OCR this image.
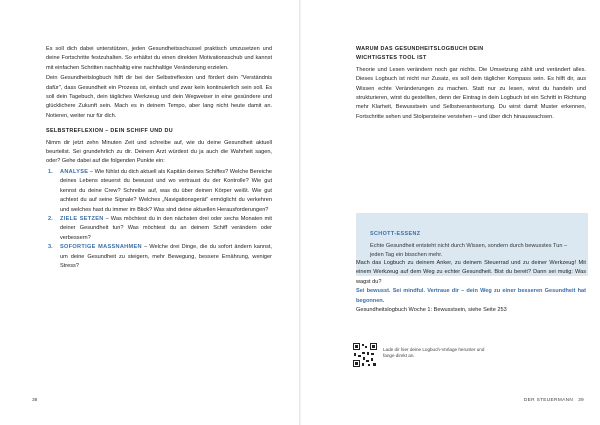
Es soll dich dabei unterstützen, jeden Gesundheitsschussel praktisch umzusetzen und deine Fortschritte festzuhalten. So erhältst du einen direkten Motivationsschub und kannst mit einfachen Schritten nachhaltig eine nachhaltige Veränderung erzielen.

Dein Gesundheitslogbuch hilft dir bei der Selbstreflexion und fördert dein "Verständnis dafür", dass Gesundheit ein Prozess ist, einfach und zwar kein kontinuierlich sein soll. Es soll dein Tagebuch, dein tägliches Werkzeug und dein Wegweiser in eine gesündere und glücklichere Zukunft sein. Mach es in deinem Tempo, aber lang nicht heute damit an. Notieren, weiter nur für dich.

SELBSTREFLEXION – DEIN SCHIFF UND DU

Nimm dir jetzt zehn Minuten Zeit und schreibe auf, wie du deine Gesundheit aktuell beurteilst. Sei grundehrlich zu dir. Deinem Arzt würdest du ja auch die Wahrheit sagen, oder? Gehe dabei auf die folgenden Punkte ein:

1. ANALYSE – Wie fühlst du dich aktuell als Kapitän deines Schiffes? Welche Bereiche deines Lebens steuerst du bewusst und wo vertraust du der Kontrolle? Wie gut kennst du deine Crew? Schreibe auf, was du über deinen Körper weißt. Wie gut achtest du auf seine Signale? Welches „Navigationsgerät“ ermöglicht du verkehren und welches hast du immer im Blick? Was sind deine aktuellen Herausforderungen?
2. ZIELE SETZEN – Was möchtest du in den nächsten drei oder sechs Monaten mit deiner Gesundheit tun? Was möchtest du an deinem Schiff verändern oder verbessern?
3. SOFORTIGE MASSNAHMEN – Welche drei Dinge, die du sofort ändern kannst, um deine Gesundheit zu steigern, mehr Bewegung, bessere Ernährung, weniger Stress?
38
WARUM DAS GESUNDHEITSLOGBUCH DEIN
WICHTIGSTES TOOL IST

Theorie und Lesen verändern noch gar nichts. Die Umsetzung zählt und verändert alles. Dieses Logbuch ist nicht nur Zusatz, es soll dein täglicher Kompass sein. Es hilft dir, aus Wissen echte Veränderungen zu machen. Statt nur zu lesen, wirst du handeln und strukturieren, wirst du gestellten, denn der Eintrag in dein Logbuch ist ein Schritt in Richtung mehr Klarheit, Bewusstsein und Selbstverantwortung. Du wirst damit Muster erkennen, Fortschritte sehen und Stolpersteine verstehen – und über dich hinauswachsen.

SCHOTT-ESSENZ
Echte Gesundheit entsteht nicht durch Wissen, sondern durch bewusstes Tun – jeden Tag ein bisschen mehr.

Mach das Logbuch zu deinem Anker, zu deinem Steuerrad und zu deiner Werkzeug! Mit einem Werkzeug auf dem Weg zu echter Gesundheit. Bist du bereit? Dann sei mutig: Was wagst du?

Sei bewusst. Sei mindful. Vertraue dir – dein Weg zu einer besseren Gesundheit hat begonnen.

Gesundheitslogbuch Woche 1: Bewusstsein, siehe Seite 253

Lade dir hier deine Logbuch-Vorlage herunter und fange direkt an.
DER STEUERMANN 39
